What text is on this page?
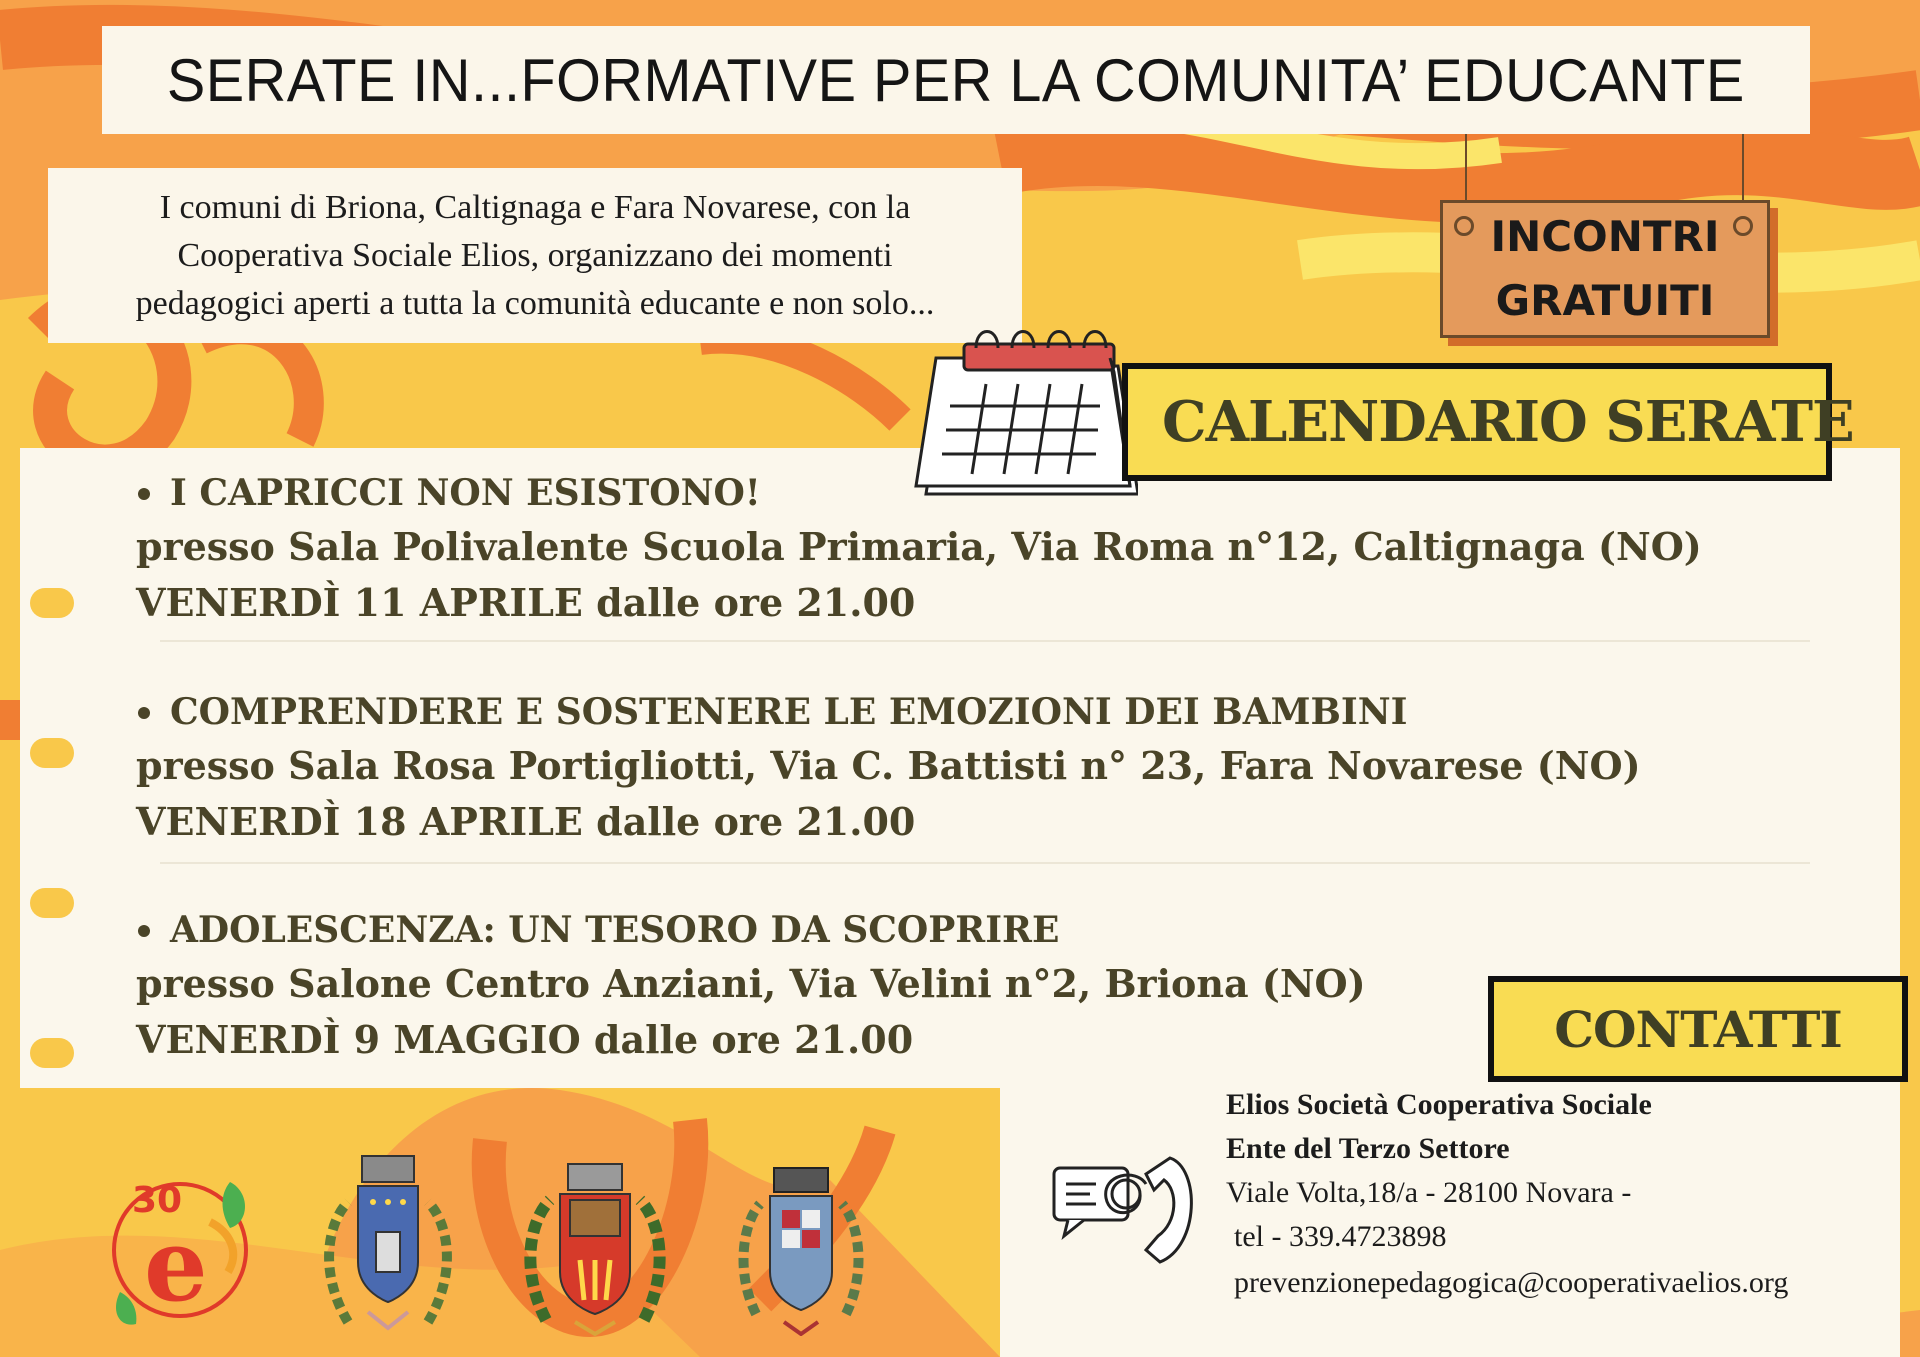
SERATE IN...FORMATIVE PER LA COMUNITA’ EDUCANTE
I comuni di Briona, Caltignaga e Fara Novarese, con la
Cooperativa Sociale Elios, organizzano dei momenti
pedagogici aperti a tutta la comunità educante e non solo...
INCONTRI
GRATUITI
CALENDARIO SERATE
I CAPRICCI NON ESISTONO!
presso Sala Polivalente Scuola Primaria, Via Roma n°12, Caltignaga (NO)
VENERDÌ 11 APRILE dalle ore 21.00
COMPRENDERE E SOSTENERE LE EMOZIONI DEI BAMBINI
presso Sala Rosa Portigliotti, Via C. Battisti n° 23, Fara Novarese (NO)
VENERDÌ 18 APRILE dalle ore 21.00
ADOLESCENZA: UN TESORO DA SCOPRIRE
presso Salone Centro Anziani, Via Velini n°2, Briona (NO)
VENERDÌ 9 MAGGIO dalle ore 21.00	CONTATTI
Elios Società Cooperativa Sociale
Ente del Terzo Settore
Viale Volta,18/a - 28100 Novara -
tel - 339.4723898
prevenzionepedagogica@cooperativaelios.org
30
e
